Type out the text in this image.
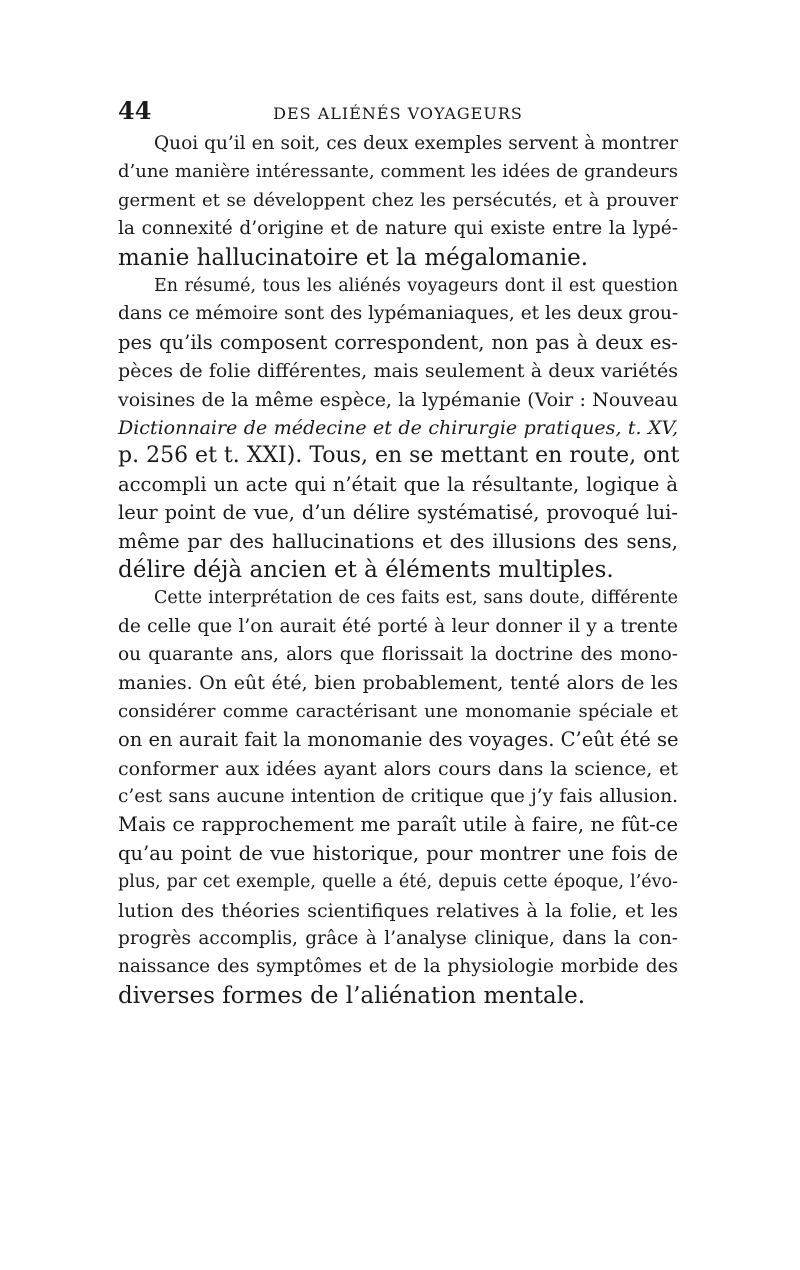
44	DES ALIÉNÉS VOYAGEURS
Quoi qu’il en soit, ces deux exemples servent à montrer
d’une manière intéressante, comment les idées de grandeurs
germent et se développent chez les persécutés, et à prouver
la connexité d’origine et de nature qui existe entre la lypé-
manie hallucinatoire et la mégalomanie.
En résumé, tous les aliénés voyageurs dont il est question
dans ce mémoire sont des lypémaniaques, et les deux grou-
pes qu’ils composent correspondent, non pas à deux es-
pèces de folie différentes, mais seulement à deux variétés
voisines de la même espèce, la lypémanie (Voir : Nouveau
Dictionnaire de médecine et de chirurgie pratiques, t. XV,
p. 256 et t. XXI). Tous, en se mettant en route, ont
accompli un acte qui n’était que la résultante, logique à
leur point de vue, d’un délire systématisé, provoqué lui-
même par des hallucinations et des illusions des sens,
délire déjà ancien et à éléments multiples.
Cette interprétation de ces faits est, sans doute, différente
de celle que l’on aurait été porté à leur donner il y a trente
ou quarante ans, alors que florissait la doctrine des mono-
manies. On eût été, bien probablement, tenté alors de les
considérer comme caractérisant une monomanie spéciale et
on en aurait fait la monomanie des voyages. C’eût été se
conformer aux idées ayant alors cours dans la science, et
c’est sans aucune intention de critique que j’y fais allusion.
Mais ce rapprochement me paraît utile à faire, ne fût-ce
qu’au point de vue historique, pour montrer une fois de
plus, par cet exemple, quelle a été, depuis cette époque, l’évo-
lution des théories scientifiques relatives à la folie, et les
progrès accomplis, grâce à l’analyse clinique, dans la con-
naissance des symptômes et de la physiologie morbide des
diverses formes de l’aliénation mentale.
